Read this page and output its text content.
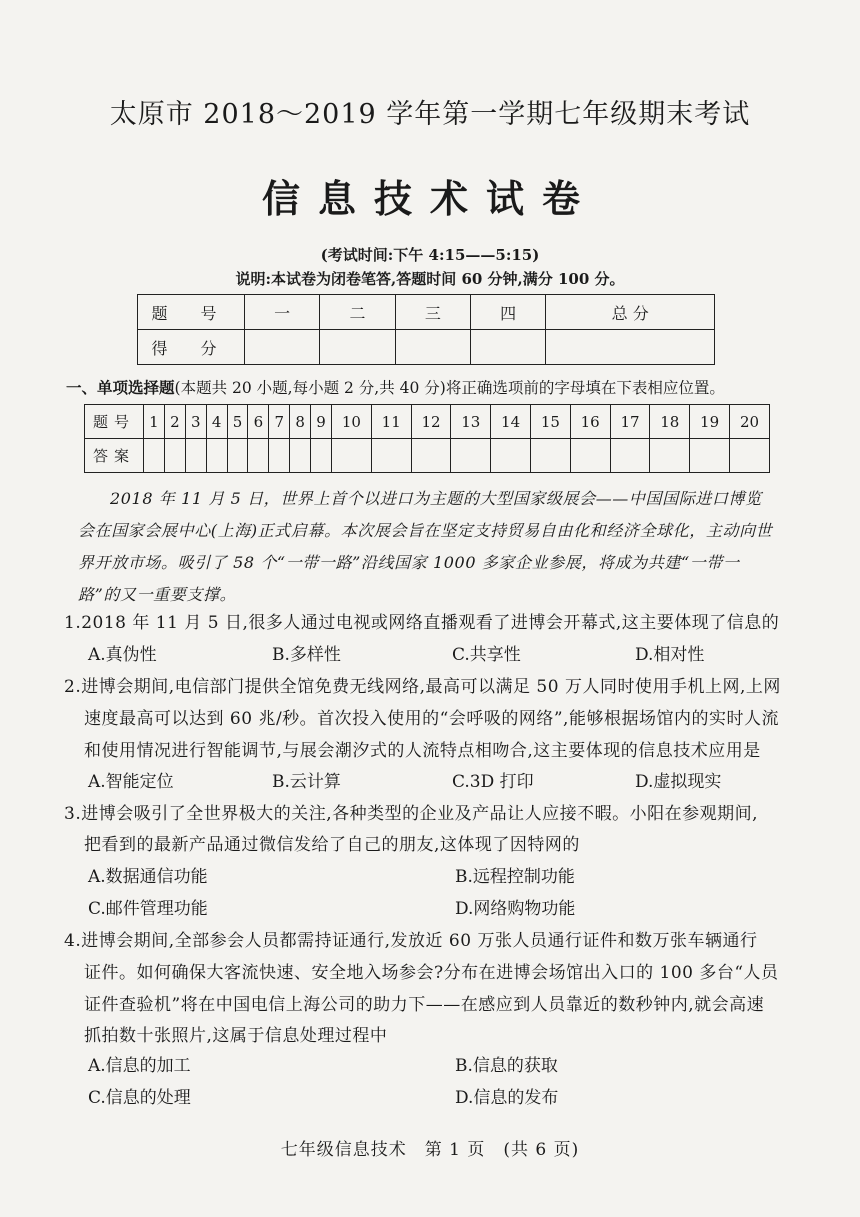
太原市 2018～2019 学年第一学期七年级期末考试
信息技术试卷
(考试时间:下午 4:15——5:15)
说明:本试卷为闭卷笔答,答题时间 60 分钟,满分 100 分。
题 号	一	二	三	四	总 分
得 分					
一、单项选择题(本题共 20 小题,每小题 2 分,共 40 分)将正确选项前的字母填在下表相应位置。
题号	1	2	3	4	5	6	7	8	9	10	11	12	13	14	15	16	17	18	19	20
答案																				
2018 年 11 月 5 日，世界上首个以进口为主题的大型国家级展会——中国国际进口博览会在国家会展中心(上海)正式启幕。本次展会旨在坚定支持贸易自由化和经济全球化，主动向世界开放市场。吸引了 58 个“一带一路”沿线国家 1000 多家企业参展，将成为共建“一带一路”的又一重要支撑。
1.2018 年 11 月 5 日,很多人通过电视或网络直播观看了进博会开幕式,这主要体现了信息的
A.真伪性	B.多样性	C.共享性	D.相对性
2.进博会期间,电信部门提供全馆免费无线网络,最高可以满足 50 万人同时使用手机上网,上网
速度最高可以达到 60 兆/秒。首次投入使用的“会呼吸的网络”,能够根据场馆内的实时人流
和使用情况进行智能调节,与展会潮汐式的人流特点相吻合,这主要体现的信息技术应用是
A.智能定位	B.云计算	C.3D 打印	D.虚拟现实
3.进博会吸引了全世界极大的关注,各种类型的企业及产品让人应接不暇。小阳在参观期间,
把看到的最新产品通过微信发给了自己的朋友,这体现了因特网的
A.数据通信功能	B.远程控制功能
C.邮件管理功能	D.网络购物功能
4.进博会期间,全部参会人员都需持证通行,发放近 60 万张人员通行证件和数万张车辆通行
证件。如何确保大客流快速、安全地入场参会?分布在进博会场馆出入口的 100 多台“人员
证件查验机”将在中国电信上海公司的助力下——在感应到人员靠近的数秒钟内,就会高速
抓拍数十张照片,这属于信息处理过程中
A.信息的加工	B.信息的获取
C.信息的处理	D.信息的发布
七年级信息技术　第 1 页　(共 6 页)
